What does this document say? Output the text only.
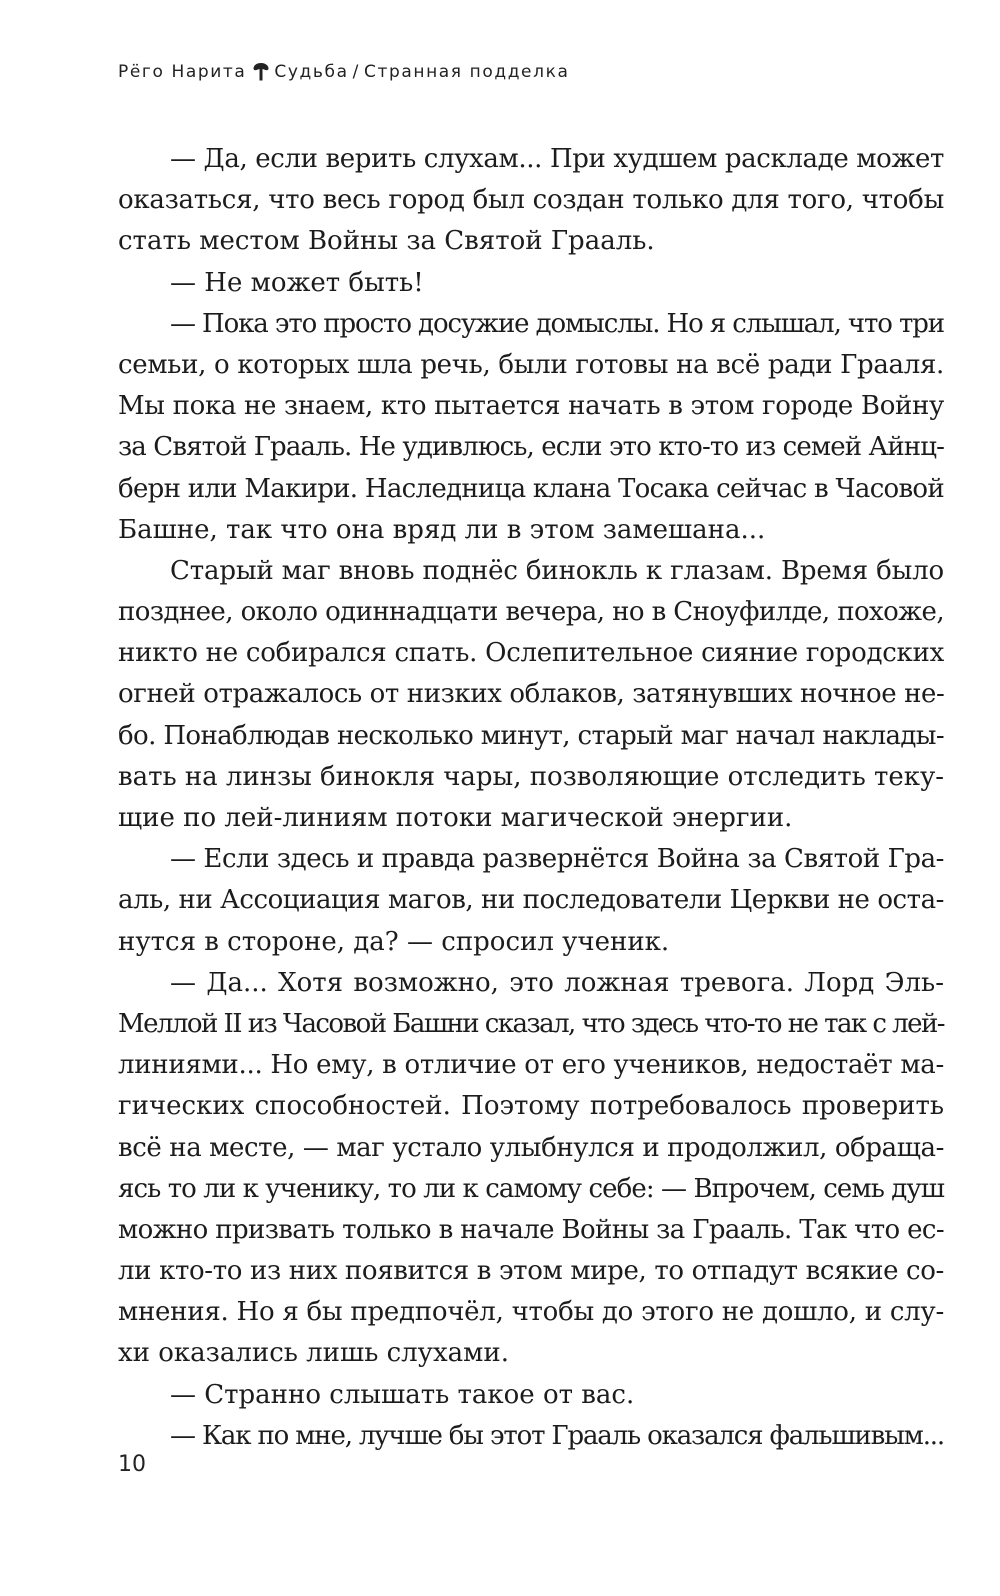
Рёго Нарита Судьба / Странная подделка
— Да, если верить слухам... При худшем раскладе может
оказаться, что весь город был создан только для того, чтобы
стать местом Войны за Святой Грааль.
— Не может быть!
— Пока это просто досужие домыслы. Но я слышал, что три
семьи, о которых шла речь, были готовы на всё ради Грааля.
Мы пока не знаем, кто пытается начать в этом городе Войну
за Святой Грааль. Не удивлюсь, если это кто-то из семей Айнц-
берн или Макири. Наследница клана Тосака сейчас в Часовой
Башне, так что она вряд ли в этом замешана...
Старый маг вновь поднёс бинокль к глазам. Время было
позднее, около одиннадцати вечера, но в Сноуфилде, похоже,
никто не собирался спать. Ослепительное сияние городских
огней отражалось от низких облаков, затянувших ночное не-
бо. Понаблюдав несколько минут, старый маг начал наклады-
вать на линзы бинокля чары, позволяющие отследить теку-
щие по лей-линиям потоки магической энергии.
— Если здесь и правда развернётся Война за Святой Гра-
аль, ни Ассоциация магов, ни последователи Церкви не оста-
нутся в стороне, да? — спросил ученик.
— Да... Хотя возможно, это ложная тревога. Лорд Эль-
Меллой II из Часовой Башни сказал, что здесь что-то не так с лей-
линиями... Но ему, в отличие от его учеников, недостаёт ма-
гических способностей. Поэтому потребовалось проверить
всё на месте, — маг устало улыбнулся и продолжил, обраща-
ясь то ли к ученику, то ли к самому себе: — Впрочем, семь душ
можно призвать только в начале Войны за Грааль. Так что ес-
ли кто-то из них появится в этом мире, то отпадут всякие со-
мнения. Но я бы предпочёл, чтобы до этого не дошло, и слу-
хи оказались лишь слухами.
— Странно слышать такое от вас.
— Как по мне, лучше бы этот Грааль оказался фальшивым...
10
